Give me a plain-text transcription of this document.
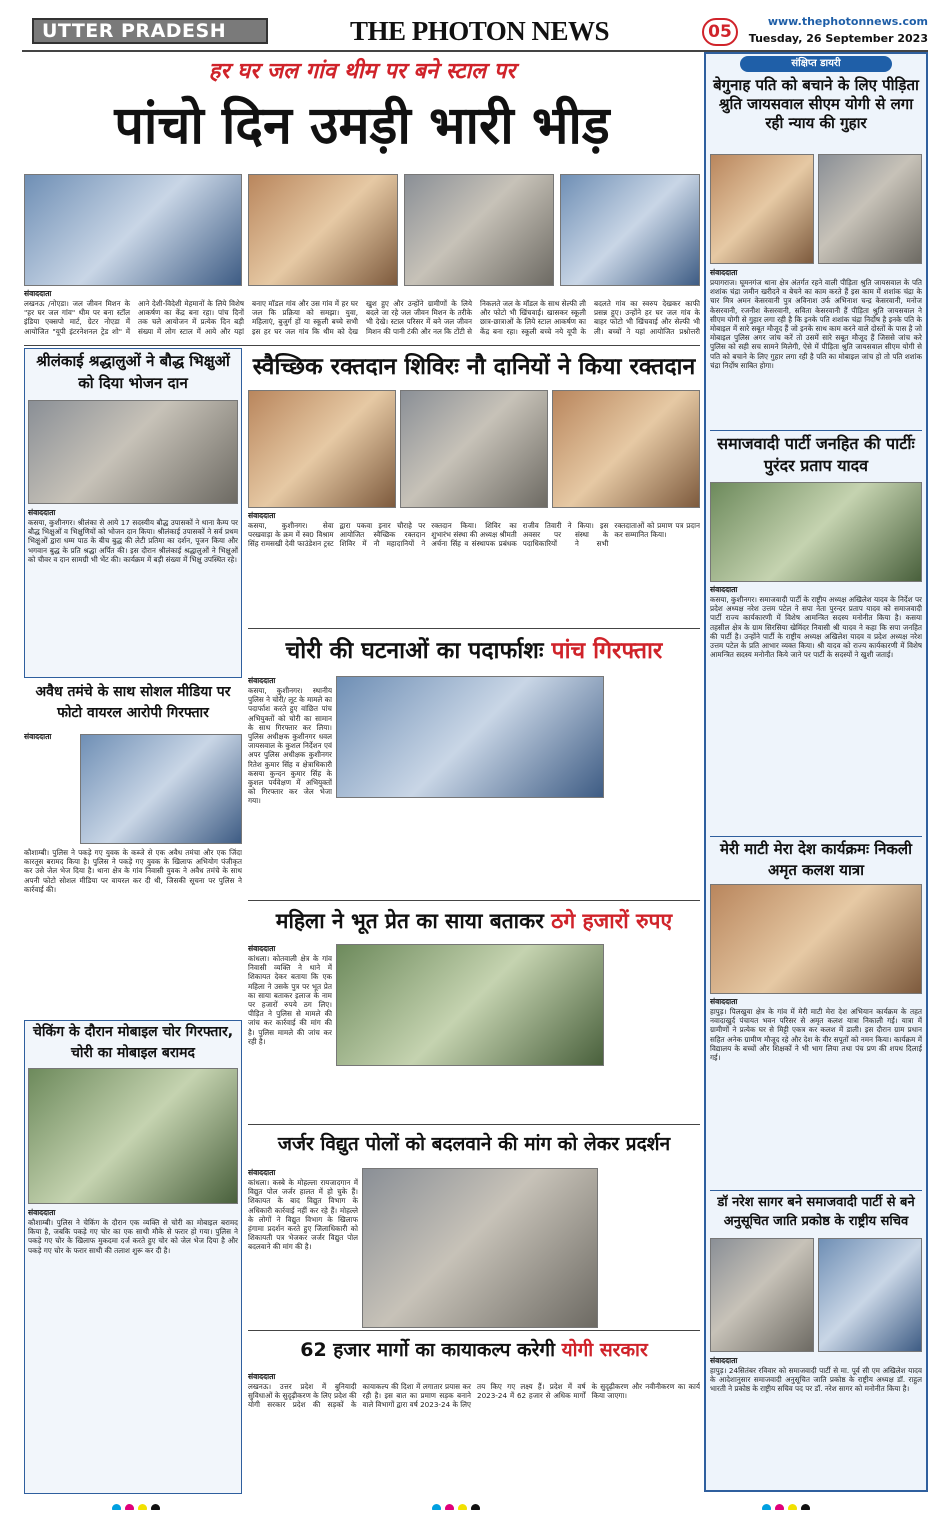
UTTER PRADESH	THE PHOTON NEWS	05
www.thephotonnews.com
Tuesday, 26 September 2023
हर घर जल गांव थीम पर बने स्टाल पर
पांचो दिन उमड़ी भारी भीड़
संवाददाता
लखनऊ /नोएडा। जल जीवन मिशन के "हर घर जल गांव" थीम पर बना स्टॉल इंडिया एक्सपो मार्ट, ग्रेटर नोएडा में आयोजित "यूपी इंटरनेशनल ट्रेड शो" में आने देशी-विदेशी मेहमानों के लिये विशेष आकर्षण का केंद्र बना रहा। पांच दिनों तक चले आयोजन में प्रत्येक दिन बड़ी संख्या में लोग स्टाल में आये और यहां बनाए मॉडल गांव और उस गांव में हर घर जल कि प्रक्रिया को समझा। युवा, महिलाएं, बुजुर्ग हों या स्कूली बच्चे सभी इस हर घर जल गांव कि थीम को देख खुश हुए और उन्होंने ग्रामीणों के लिये बदले जा रहे जल जीवन मिशन के तरीके भी देखे। स्टाल परिसर में बने जल जीवन मिशन की पानी टंकी और नल कि टोंटी से निकलते जल के मॉडल के साथ सेल्फी ली और फोटो भी खिंचवाई। खासकर स्कूली छात्र-छात्राओं के लिये स्टाल आकर्षण का केंद्र बना रहा। स्कूली बच्चे नये यूपी के बदलते गांव का स्वरुप देखकर काफी प्रसन्न हुए। उन्होंने हर घर जल गांव के बाहर फोटो भी खिंचवाई और सेल्फी भी ली। बच्चों ने यहां आयोजित प्रश्नोत्तरी
संक्षिप्त डायरी
बेगुनाह पति को बचाने के लिए पीड़िता श्रुति जायसवाल सीएम योगी से लगा रही न्याय की गुहार
संवाददाता
प्रयागराज। घूमनगंज थाना क्षेत्र अंतर्गत रहने वाली पीड़िता श्रुति जायसवाल के पति शशांक चंद्रा जमीन खरीदने व बेचने का काम करते हैं इस काम में शशांक चंद्रा के चार मित्र अमन केसरवानी पुत्र अविनाश उर्फ अभिनाश चन्द्र केसरवानी, मनोज केसरवानी, रजनीश केसरवानी, सविता केसरवानी हैं पीड़िता श्रुति जायसवाल ने सीएम योगी से गुहार लगा रही है कि इनके पति शशांक चंद्रा निर्दोष है इनके पति के मोबाइल में सारे सबूत मौजूद हैं जो इनके साथ काम करने वाले दोस्तों के पास है जो मोबाइल पुलिस अगर जांच करें तो उसमें सारे सबूत मौजूद हैं जिससे जांच करे पुलिस को सही सच सामने मिलेगी, ऐसे में पीड़िता श्रुति जायसवाल सीएम योगी से पति को बचाने के लिए गुहार लगा रही है पति का मोबाइल जांच हो तो पति शशांक चंद्रा निर्दोष साबित होगा।
समाजवादी पार्टी जनहित की पार्टीः पुरंदर प्रताप यादव
संवाददाता
कसया, कुशीनगर। समाजवादी पार्टी के राष्ट्रीय अध्यक्ष अखिलेश यादव के निर्देश पर प्रदेश अध्यक्ष नरेश उत्तम पटेल ने सपा नेता पुरन्दर प्रताप यादव को समाजवादी पार्टी राज्य कार्यकारणी में विशेष आमन्त्रित सदस्य मनोनीत किया है। कसया तहसील क्षेत्र के ग्राम सिरसिया खेमिंदर निवासी श्री यादव ने कहा कि सपा जनहित की पार्टी है। उन्होंने पार्टी के राष्ट्रीय अध्यक्ष अखिलेश यादव व प्रदेश अध्यक्ष नरेश उत्तम पटेल के प्रति आभार व्यक्त किया। श्री यादव को राज्य कार्यकारणी में विशेष आमन्त्रित सदस्य मनोनीत किये जाने पर पार्टी के सदस्यों ने खुशी जताई।
मेरी माटी मेरा देश कार्यक्रमः निकली अमृत कलश यात्रा
संवाददाता
हापुड़। पिलखुवा क्षेत्र के गांव में मेरी माटी मेरा देश अभियान कार्यक्रम के तहत नवादाखुर्द पंचायत भवन परिसर से अमृत कलश यात्रा निकाली गई। यात्रा में ग्रामीणों ने प्रत्येक घर से मिट्टी एकत्र कर कलश में डाली। इस दौरान ग्राम प्रधान सहित अनेक ग्रामीण मौजूद रहे और देश के वीर सपूतों को नमन किया। कार्यक्रम में विद्यालय के बच्चों और शिक्षकों ने भी भाग लिया तथा पंच प्रण की शपथ दिलाई गई।
डॉ नरेश सागर बने समाजवादी पार्टी से बने अनुसूचित जाति प्रकोष्ठ के राष्ट्रीय सचिव
संवाददाता
हापुड़। 24सितंबर रविवार को समाजवादी पार्टी से मा. पूर्व सी एम अखिलेश यादव के आदेशानुसार समाजवादी अनुसूचित जाति प्रकोष्ठ के राष्ट्रीय अध्यक्ष डॉ. राहुल भारती ने प्रकोष्ठ के राष्ट्रीय सचिव पद पर डॉ. नरेश सागर को मनोनीत किया है।
श्रीलंकाई श्रद्धालुओं ने बौद्ध भिक्षुओं को दिया भोजन दान
संवाददाता
कसया, कुशीनगर। श्रीलंका से आये 17 सदस्यीय बौद्ध उपासकों ने थाना कैम्प पर बौद्ध भिक्षुओं व भिक्षुणियों को भोजन दान किया। श्रीलंकाई उपासकों ने सर्व प्रथम भिक्षुओं द्वारा धम्म पाठ के बीच बुद्ध की लेटी प्रतिमा का दर्शन, पूजन किया और भगवान बुद्ध के प्रति श्रद्धा अर्पित की। इस दौरान श्रीलंकाई श्रद्धालुओं ने भिक्षुओं को चीवर व दान सामग्री भी भेंट की। कार्यक्रम में बड़ी संख्या में भिक्षु उपस्थित रहे।
अवैध तमंचे के साथ सोशल मीडिया पर फोटो वायरल आरोपी गिरफ्तार
संवाददाता
कौशाम्बी। पुलिस ने पकड़े गए युवक के कब्जे से एक अवैध तमंचा और एक जिंदा कारतूस बरामद किया है। पुलिस ने पकड़े गए युवक के खिलाफ अभियोग पंजीकृत कर उसे जेल भेज दिया है। थाना क्षेत्र के गांव निवासी युवक ने अवैध तमंचे के साथ अपनी फोटो सोशल मीडिया पर वायरल कर दी थी, जिसकी सूचना पर पुलिस ने कार्रवाई की।
चेकिंग के दौरान मोबाइल चोर गिरफ्तार, चोरी का मोबाइल बरामद
संवाददाता
कौशाम्बी। पुलिस ने चेकिंग के दौरान एक व्यक्ति से चोरी का मोबाइल बरामद किया है, जबकि पकड़े गए चोर का एक साथी मौके से फरार हो गया। पुलिस ने पकड़े गए चोर के खिलाफ मुकदमा दर्ज करते हुए चोर को जेल भेज दिया है और पकड़े गए चोर के फरार साथी की तलाश शुरू कर दी है।
स्वैच्छिक रक्तदान शिविरः नौ दानियों ने किया रक्तदान
संवाददाता
कसया, कुशीनगर। सेवा परखवाड़ा के क्रम में स्व0 विश्राम सिंह रामसखी देवी फाउंडेशन ट्रस्ट द्वारा पकवा इनार चौराहे पर आयोजित स्वैच्छिक रक्तदान शिविर में नौ महादानियों ने रक्तदान किया। शिविर का शुभारंभ संस्था की अध्यक्ष श्रीमती अर्चना सिंह व संस्थापक प्रबंधक राजीव तिवारी ने किया। इस अवसर पर संस्था के पदाधिकारियों ने सभी रक्तदाताओं को प्रमाण पत्र प्रदान कर सम्मानित किया।
चोरी की घटनाओं का पदार्फाशः पांच गिरफ्तार
संवाददाता
कसया, कुशीनगर। स्थानीय पुलिस ने चोरी/ लूट के मामले का पदार्फाश करते हुए वांछित पांच अभियुक्तों को चोरी का सामान के साथ गिरफ्तार कर लिया। पुलिस अधीक्षक कुशीनगर धवल जायसवाल के कुशल निर्देशन एवं अपर पुलिस अधीक्षक कुशीनगर रितेश कुमार सिंह व क्षेत्राधिकारी कसया कुन्दन कुमार सिंह के कुशल पर्यवेक्षण में अभियुक्तों को गिरफ्तार कर जेल भेजा गया।
महिला ने भूत प्रेत का साया बताकर ठगे हजारों रुपए
संवाददाता
कांधला। कोतवाली क्षेत्र के गांव निवासी व्यक्ति ने थाने में शिकायत देकर बताया कि एक महिला ने उसके पुत्र पर भूत प्रेत का साया बताकर इलाज के नाम पर हजारों रुपये ठग लिए। पीड़ित ने पुलिस से मामले की जांच कर कार्रवाई की मांग की है। पुलिस मामले की जांच कर रही है।
जर्जर विद्युत पोलों को बदलवाने की मांग को लेकर प्रदर्शन
संवाददाता
कांधला। कस्बे के मोहल्ला रायजादगान में विद्युत पोल जर्जर हालत में हो चुके हैं। शिकायत के बाद विद्युत विभाग के अधिकारी कार्रवाई नहीं कर रहे हैं। मोहल्ले के लोगों ने विद्युत विभाग के खिलाफ हंगामा प्रदर्शन करते हुए जिलाधिकारी को शिकायती पत्र भेजकर जर्जर विद्युत पोल बदलवाने की मांग की है।
62 हजार मार्गो का कायाकल्प करेगी योगी सरकार
संवाददाता
लखनऊ। उत्तर प्रदेश में बुनियादी सुविधाओं के सुदृढ़ीकरण के लिए प्रदेश की योगी सरकार प्रदेश की सड़कों के कायाकल्प की दिशा में लगातार प्रयास कर रही है। इस बात का प्रमाण सड़क बनाने वाले विभागों द्वारा वर्ष 2023-24 के लिए तय किए गए लक्ष्य हैं। प्रदेश में वर्ष 2023-24 में 62 हजार से अधिक मार्गों के सुदृढ़ीकरण और नवीनीकरण का कार्य किया जाएगा।
